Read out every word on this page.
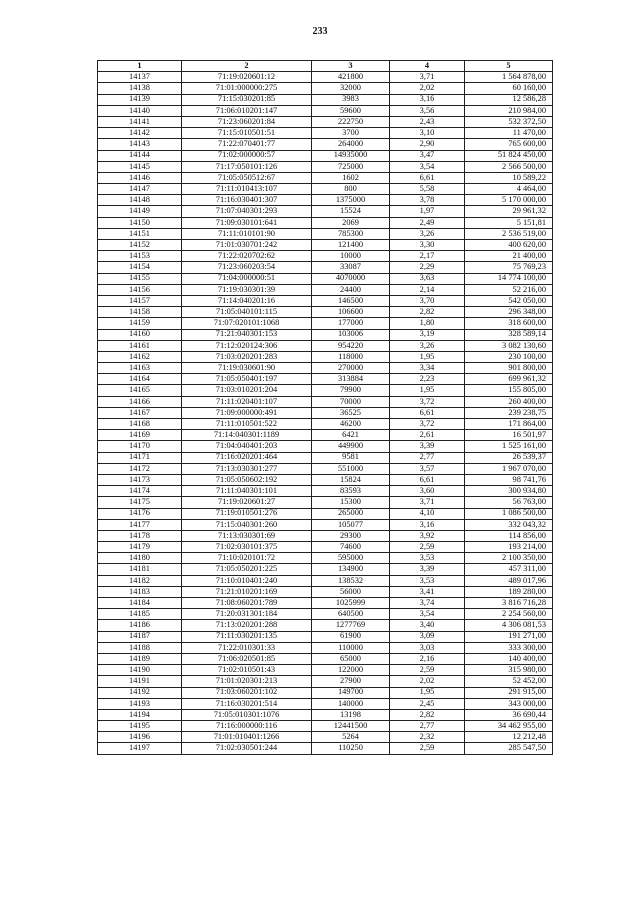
233
1	2	3	4	5
14137	71:19:020601:12	421800	3,71	1 564 878,00
14138	71:01:000000:275	32000	2,02	60 160,00
14139	71:15:030201:85	3983	3,16	12 586,28
14140	71:06:010201:147	59600	3,56	210 984,00
14141	71:23:060201:84	222750	2,43	532 372,50
14142	71:15:010501:51	3700	3,10	11 470,00
14143	71:22:070401:77	264000	2,90	765 600,00
14144	71:02:000000:57	14935000	3,47	51 824 450,00
14145	71:17:050101:126	725000	3,54	2 566 500,00
14146	71:05:050512:67	1602	6,61	10 589,22
14147	71:11:010413:107	800	5,58	4 464,00
14148	71:16:030401:307	1375000	3,78	5 170 000,00
14149	71:07:040301:293	15524	1,97	29 961,32
14150	71:09:030101:641	2069	2,49	5 151,81
14151	71:11:010101:90	785300	3,26	2 536 519,00
14152	71:01:030701:242	121400	3,30	400 620,00
14153	71:22:020702:62	10000	2,17	21 400,00
14154	71:23:060203:54	33087	2,29	75 769,23
14155	71:04:000000:51	4070000	3,63	14 774 100,00
14156	71:19:030301:39	24400	2,14	52 216,00
14157	71:14:040201:16	146500	3,70	542 050,00
14158	71:05:040101:115	106600	2,82	296 348,00
14159	71:07:020101:1068	177000	1,80	318 600,00
14160	71:21:040301:153	103006	3,19	328 589,14
14161	71:12:020124:306	954220	3,26	3 082 130,60
14162	71:03:020201:283	118000	1,95	230 100,00
14163	71:19:030601:90	270000	3,34	901 800,00
14164	71:05:050401:197	313884	2,23	699 961,32
14165	71:03:010201:204	79900	1,95	155 805,00
14166	71:11:020401:107	70000	3,72	260 400,00
14167	71:09:000000:491	36525	6,61	239 238,75
14168	71:11:010501:522	46200	3,72	171 864,00
14169	71:14:040301:1189	6421	2,61	16 501,97
14170	71:04:040401:203	449900	3,39	1 525 161,00
14171	71:16:020201:464	9581	2,77	26 539,37
14172	71:13:030301:277	551000	3,57	1 967 070,00
14173	71:05:050602:192	15824	6,61	98 741,76
14174	71:11:040301:101	83593	3,60	300 934,80
14175	71:19:020601:27	15300	3,71	56 763,00
14176	71:19:010501:276	265000	4,10	1 086 500,00
14177	71:15:040301:260	105077	3,16	332 043,32
14178	71:13:030301:69	29300	3,92	114 856,00
14179	71:02:030101:375	74600	2,59	193 214,00
14180	71:10:020101:72	595000	3,53	2 100 350,00
14181	71:05:050201:225	134900	3,39	457 311,00
14182	71:10:010401:240	138532	3,53	489 017,96
14183	71:21:010201:169	56000	3,41	189 280,00
14184	71:08:060201:789	1025999	3,74	3 816 716,28
14185	71:20:031301:184	640500	3,54	2 254 560,00
14186	71:13:020201:288	1277769	3,40	4 306 081,53
14187	71:11:030201:135	61900	3,09	191 271,00
14188	71:22:010301:33	110000	3,03	333 300,00
14189	71:06:020501:85	65000	2,16	140 400,00
14190	71:02:010501:43	122000	2,59	315 980,00
14191	71:01:020301:213	27900	2,02	52 452,00
14192	71:03:060201:102	149700	1,95	291 915,00
14193	71:16:030201:514	140000	2,45	343 000,00
14194	71:05:010301:1076	13198	2,82	36 690,44
14195	71:16:000000:116	12441500	2,77	34 462 955,00
14196	71:01:010401:1266	5264	2,32	12 212,48
14197	71:02:030501:244	110250	2,59	285 547,50
